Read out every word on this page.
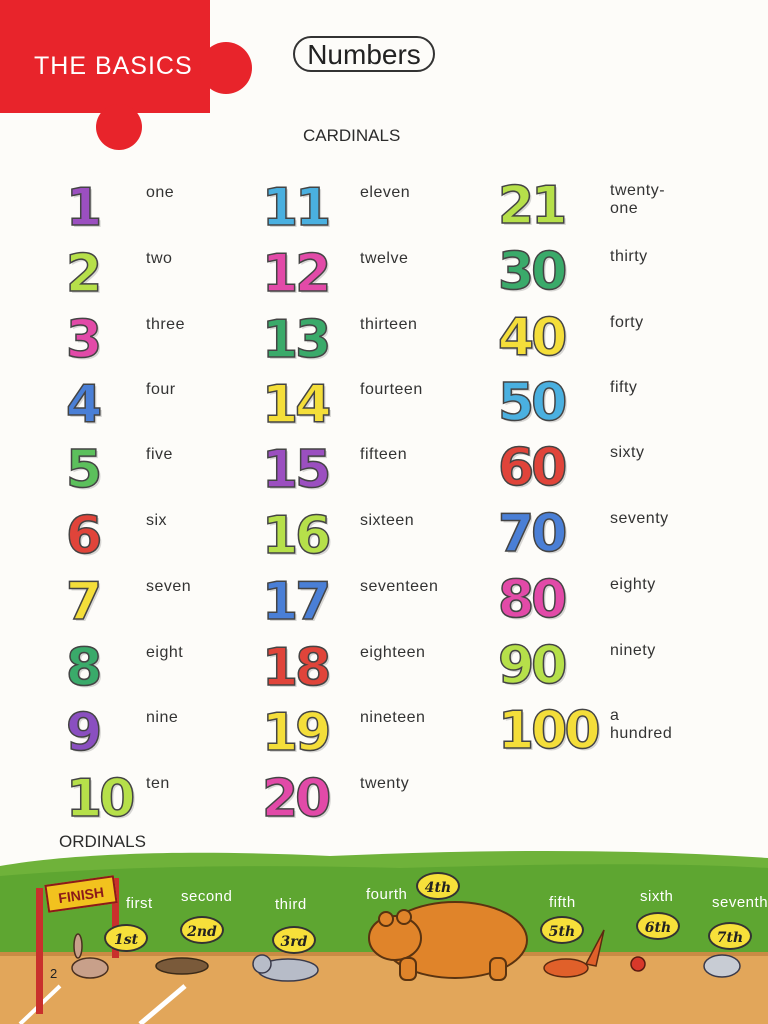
THE BASICS	Numbers
CARDINALS
1	one
2	two
3	three
4	four
5	five
6	six
7	seven
8	eight
9	nine
10 ten
11 eleven
12 twelve
13 thirteen
14 fourteen
15 fifteen
16 sixteen
17 seventeen
18 eighteen
19 nineteen
20 twenty
21	twenty-one
30	thirty
40	forty
50	fifty
60	sixty
70	seventy
80	eighty
90	ninety
100 a hundred
ORDINALS
FINISH
2
first
1st
second
2nd
third
3rd
fourth	4th
fifth
5th
sixth
6th
seventh
7th
